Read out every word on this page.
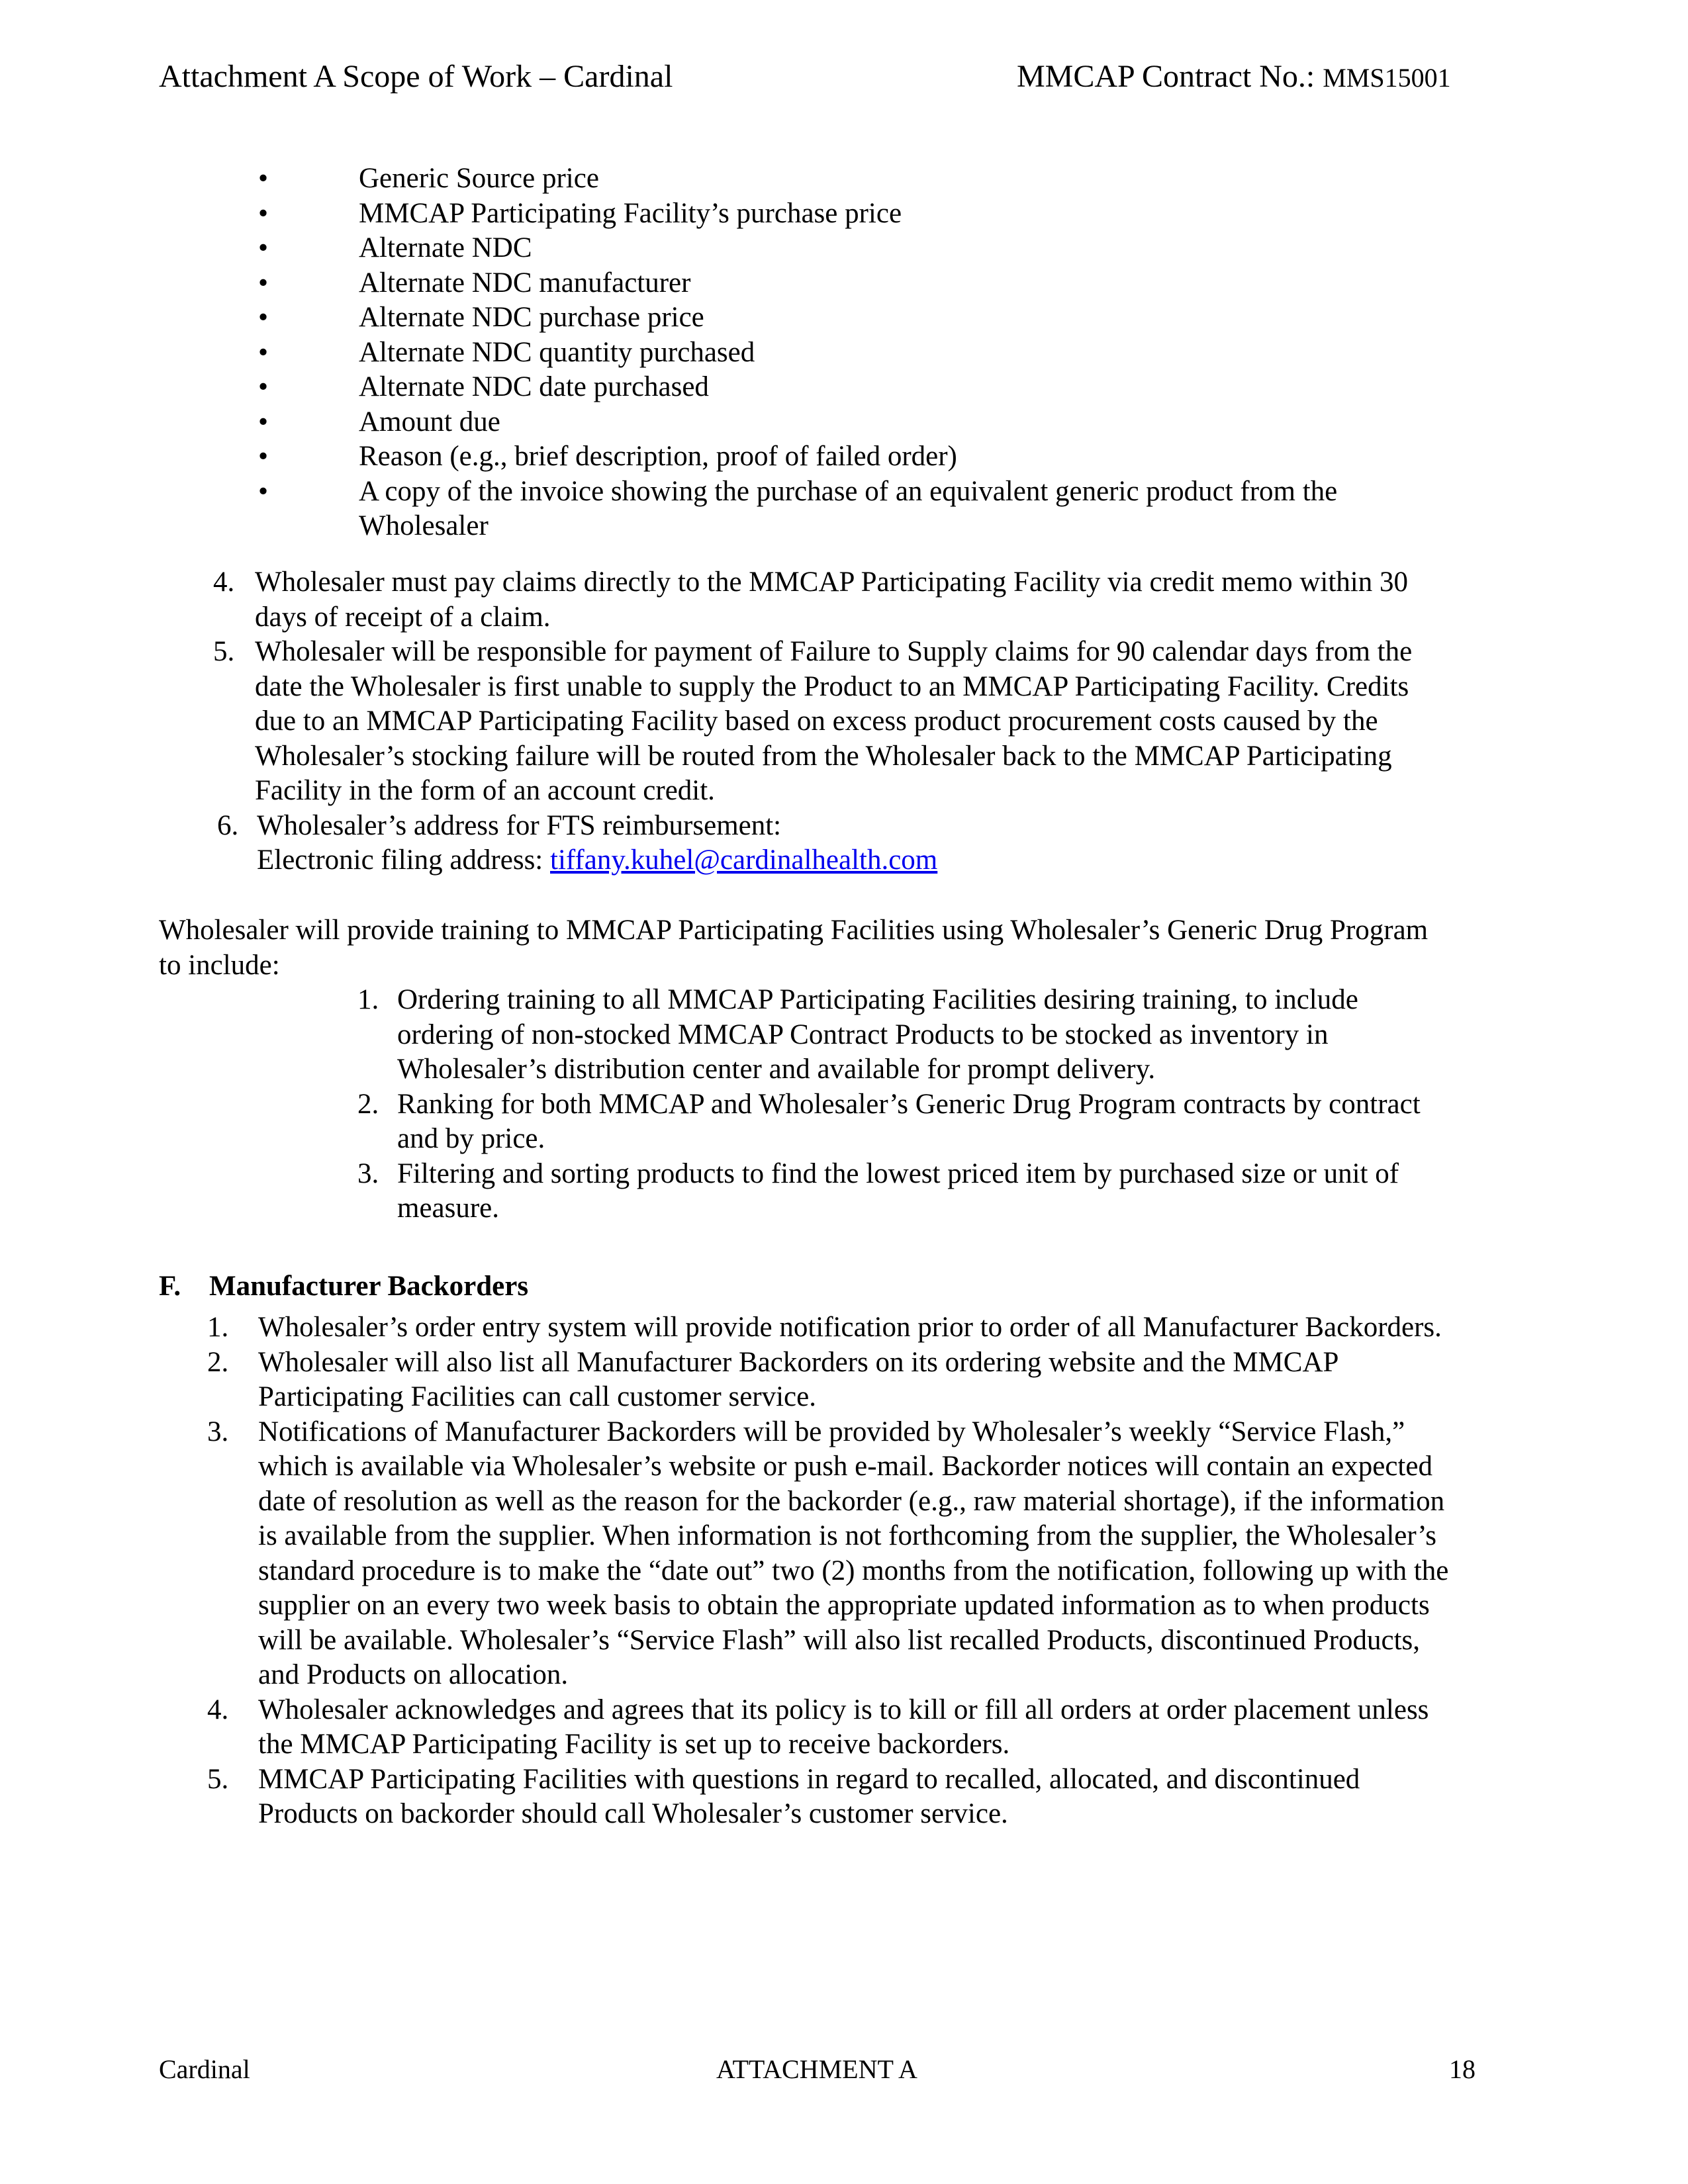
Attachment A Scope of Work – Cardinal	MMCAP Contract No.: MMS15001
•	Generic Source price
•	MMCAP Participating Facility’s purchase price
•	Alternate NDC
•	Alternate NDC manufacturer
•	Alternate NDC purchase price
•	Alternate NDC quantity purchased
•	Alternate NDC date purchased
•	Amount due
•	Reason (e.g., brief description, proof of failed order)
•	A copy of the invoice showing the purchase of an equivalent generic product from the
Wholesaler
4. Wholesaler must pay claims directly to the MMCAP Participating Facility via credit memo within 30
days of receipt of a claim.
5. Wholesaler will be responsible for payment of Failure to Supply claims for 90 calendar days from the
date the Wholesaler is first unable to supply the Product to an MMCAP Participating Facility. Credits
due to an MMCAP Participating Facility based on excess product procurement costs caused by the
Wholesaler’s stocking failure will be routed from the Wholesaler back to the MMCAP Participating
Facility in the form of an account credit.
6. Wholesaler’s address for FTS reimbursement:
Electronic filing address: tiffany.kuhel@cardinalhealth.com
Wholesaler will provide training to MMCAP Participating Facilities using Wholesaler’s Generic Drug Program
to include:
1. Ordering training to all MMCAP Participating Facilities desiring training, to include
ordering of non-stocked MMCAP Contract Products to be stocked as inventory in
Wholesaler’s distribution center and available for prompt delivery.
2. Ranking for both MMCAP and Wholesaler’s Generic Drug Program contracts by contract
and by price.
3. Filtering and sorting products to find the lowest priced item by purchased size or unit of
measure.
F. Manufacturer Backorders
1. Wholesaler’s order entry system will provide notification prior to order of all Manufacturer Backorders.
2. Wholesaler will also list all Manufacturer Backorders on its ordering website and the MMCAP
Participating Facilities can call customer service.
3. Notifications of Manufacturer Backorders will be provided by Wholesaler’s weekly “Service Flash,”
which is available via Wholesaler’s website or push e-mail. Backorder notices will contain an expected
date of resolution as well as the reason for the backorder (e.g., raw material shortage), if the information
is available from the supplier. When information is not forthcoming from the supplier, the Wholesaler’s
standard procedure is to make the “date out” two (2) months from the notification, following up with the
supplier on an every two week basis to obtain the appropriate updated information as to when products
will be available. Wholesaler’s “Service Flash” will also list recalled Products, discontinued Products,
and Products on allocation.
4. Wholesaler acknowledges and agrees that its policy is to kill or fill all orders at order placement unless
the MMCAP Participating Facility is set up to receive backorders.
5. MMCAP Participating Facilities with questions in regard to recalled, allocated, and discontinued
Products on backorder should call Wholesaler’s customer service.
Cardinal	ATTACHMENT A	18
